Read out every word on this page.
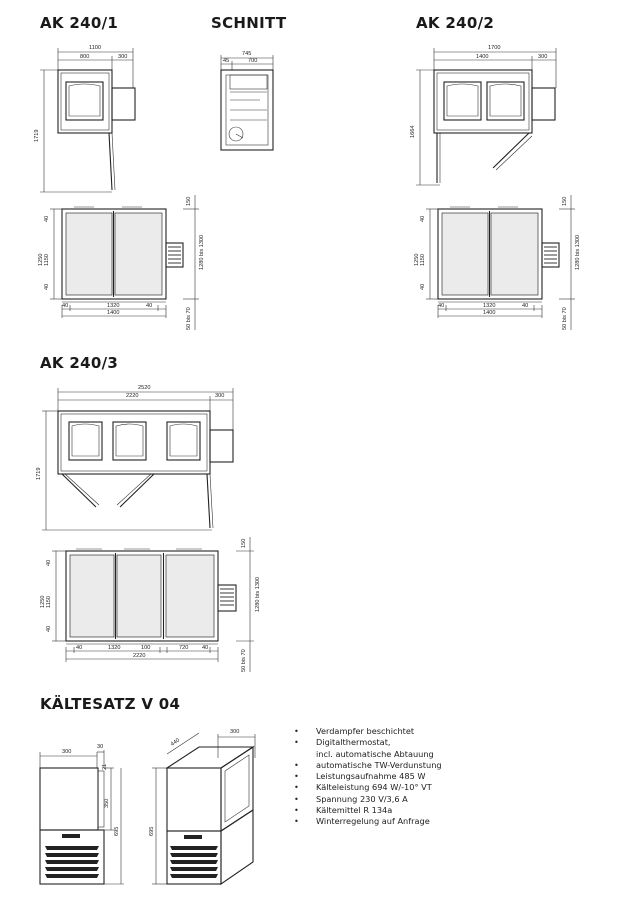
AK 240/1	SCHNITT	AK 240/2
AK 240/3
KÄLTESATZ V 04
1100
800	300
1719
745
45	700
1700
1400	300
1664
40	1320	40
1400
40
1250 1150
40
150
1280 bis 1300
50 bis 70
40	1320	40
1400
40
1250 1150
40
150
1280 bis 1300
50 bis 70
2520
2220	300
1719
40	1320	100	720 40
2220
40
1250 1150
40
150
1280 bis 1300
50 bis 70
300
30
21
350
695
440
300
695
• Verdampfer beschichtet
• Digitalthermostat,
incl. automatische Abtauung
• automatische TW-Verdunstung
• Leistungsaufnahme 485 W
• Kälteleistung 694 W/-10° VT
• Spannung 230 V/3,6 A
• Kältemittel R 134a
• Winterregelung auf Anfrage
